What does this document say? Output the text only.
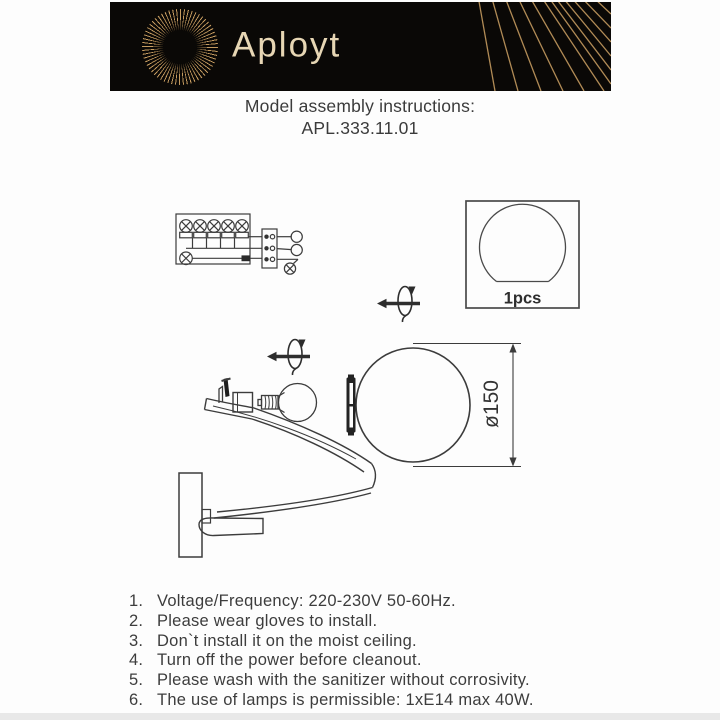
Aployt
Model assembly instructions:
APL.333.11.01
1pcs
ø150
1. Voltage/Frequency: 220-230V 50-60Hz.
2. Please wear gloves to install.
3. Don`t install it on the moist ceiling.
4. Turn off the power before cleanout.
5. Please wash with the sanitizer without corrosivity.
6. The use of lamps is permissible: 1xE14 max 40W.
